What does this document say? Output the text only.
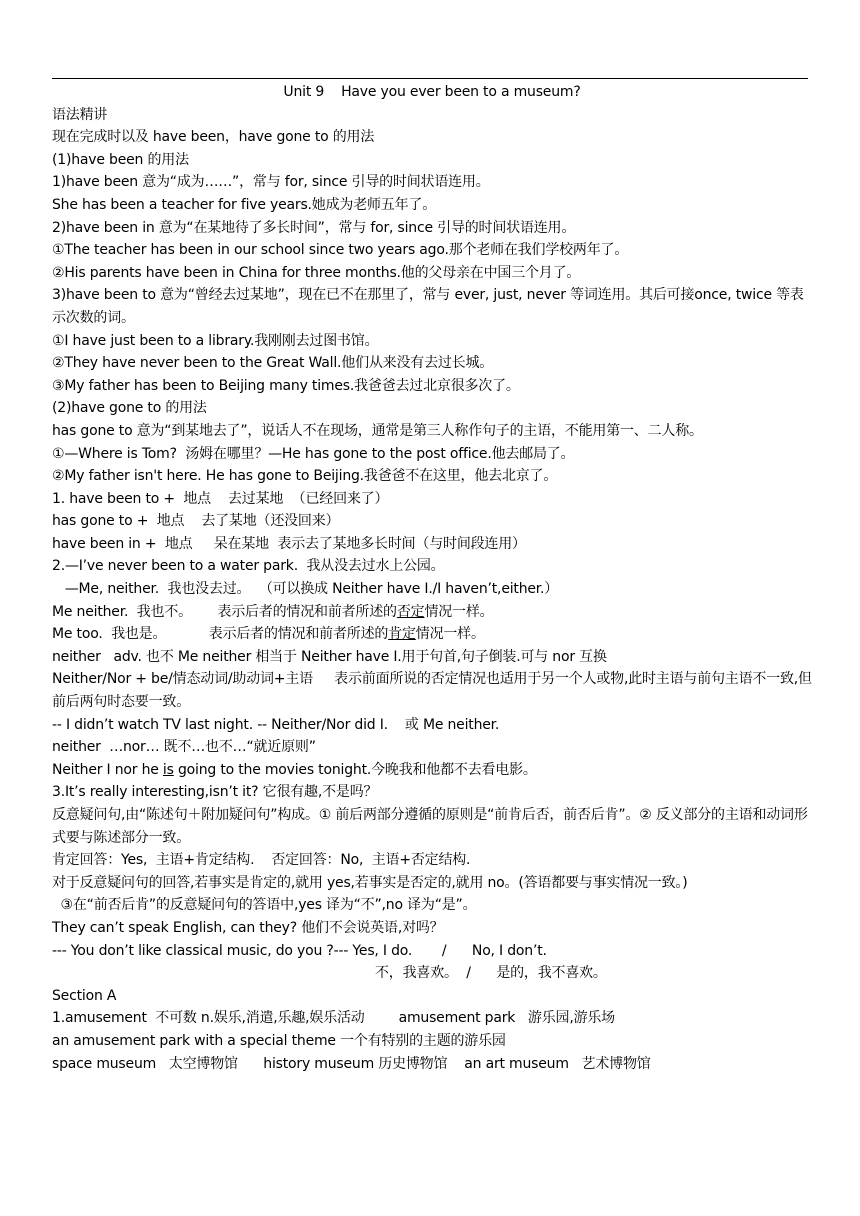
Unit 9    Have you ever been to a museum?
语法精讲
现在完成时以及 have been，have gone to 的用法
(1)have been 的用法
1)have been 意为“成为……”，常与 for, since 引导的时间状语连用。
She has been a teacher for five years.她成为老师五年了。
2)have been in 意为“在某地待了多长时间”，常与 for, since 引导的时间状语连用。
①The teacher has been in our school since two years ago.那个老师在我们学校两年了。
②His parents have been in China for three months.他的父母亲在中国三个月了。
3)have been to 意为“曾经去过某地”，现在已不在那里了，常与 ever, just, never 等词连用。其后可接once, twice 等表示次数的词。
①I have just been to a library.我刚刚去过图书馆。
②They have never been to the Great Wall.他们从来没有去过长城。
③My father has been to Beijing many times.我爸爸去过北京很多次了。
(2)have gone to 的用法
has gone to 意为“到某地去了”，说话人不在现场，通常是第三人称作句子的主语，不能用第一、二人称。
①—Where is Tom?  汤姆在哪里？—He has gone to the post office.他去邮局了。
②My father isn't here. He has gone to Beijing.我爸爸不在这里，他去北京了。
1. have been to +  地点    去过某地  （已经回来了）
has gone to +  地点    去了某地（还没回来）
have been in +  地点     呆在某地  表示去了某地多长时间（与时间段连用）
2.—I’ve never been to a water park.  我从没去过水上公园。
—Me, neither.  我也没去过。  （可以换成 Neither have I./I haven’t,either.）
Me neither.  我也不。      表示后者的情况和前者所述的否定情况一样。
Me too.  我也是。          表示后者的情况和前者所述的肯定情况一样。
neither   adv. 也不 Me neither 相当于 Neither have I.用于句首,句子倒装.可与 nor 互换
Neither/Nor + be/情态动词/助动词+主语     表示前面所说的否定情况也适用于另一个人或物,此时主语与前句主语不一致,但前后两句时态要一致。
-- I didn’t watch TV last night. -- Neither/Nor did I.    或 Me neither.
neither  …nor… 既不…也不…“就近原则”
Neither I nor he is going to the movies tonight.今晚我和他都不去看电影。
3.It’s really interesting,isn’t it? 它很有趣,不是吗？
反意疑问句,由“陈述句＋附加疑问句”构成。① 前后两部分遵循的原则是“前肯后否，前否后肯”。② 反义部分的主语和动词形式要与陈述部分一致。
肯定回答：Yes,  主语+肯定结构.    否定回答：No,  主语+否定结构.
对于反意疑问句的回答,若事实是肯定的,就用 yes,若事实是否定的,就用 no。(答语都要与事实情况一致。)
③在“前否后肯”的反意疑问句的答语中,yes 译为“不”,no 译为“是”。
They can’t speak English, can they? 他们不会说英语,对吗？
--- You don’t like classical music, do you ?--- Yes, I do.       /      No, I don’t.
不，我喜欢。  /      是的，我不喜欢。
Section A
1.amusement  不可数 n.娱乐,消遣,乐趣,娱乐活动        amusement park   游乐园,游乐场
an amusement park with a special theme 一个有特别的主题的游乐园
space museum   太空博物馆      history museum 历史博物馆    an art museum   艺术博物馆
